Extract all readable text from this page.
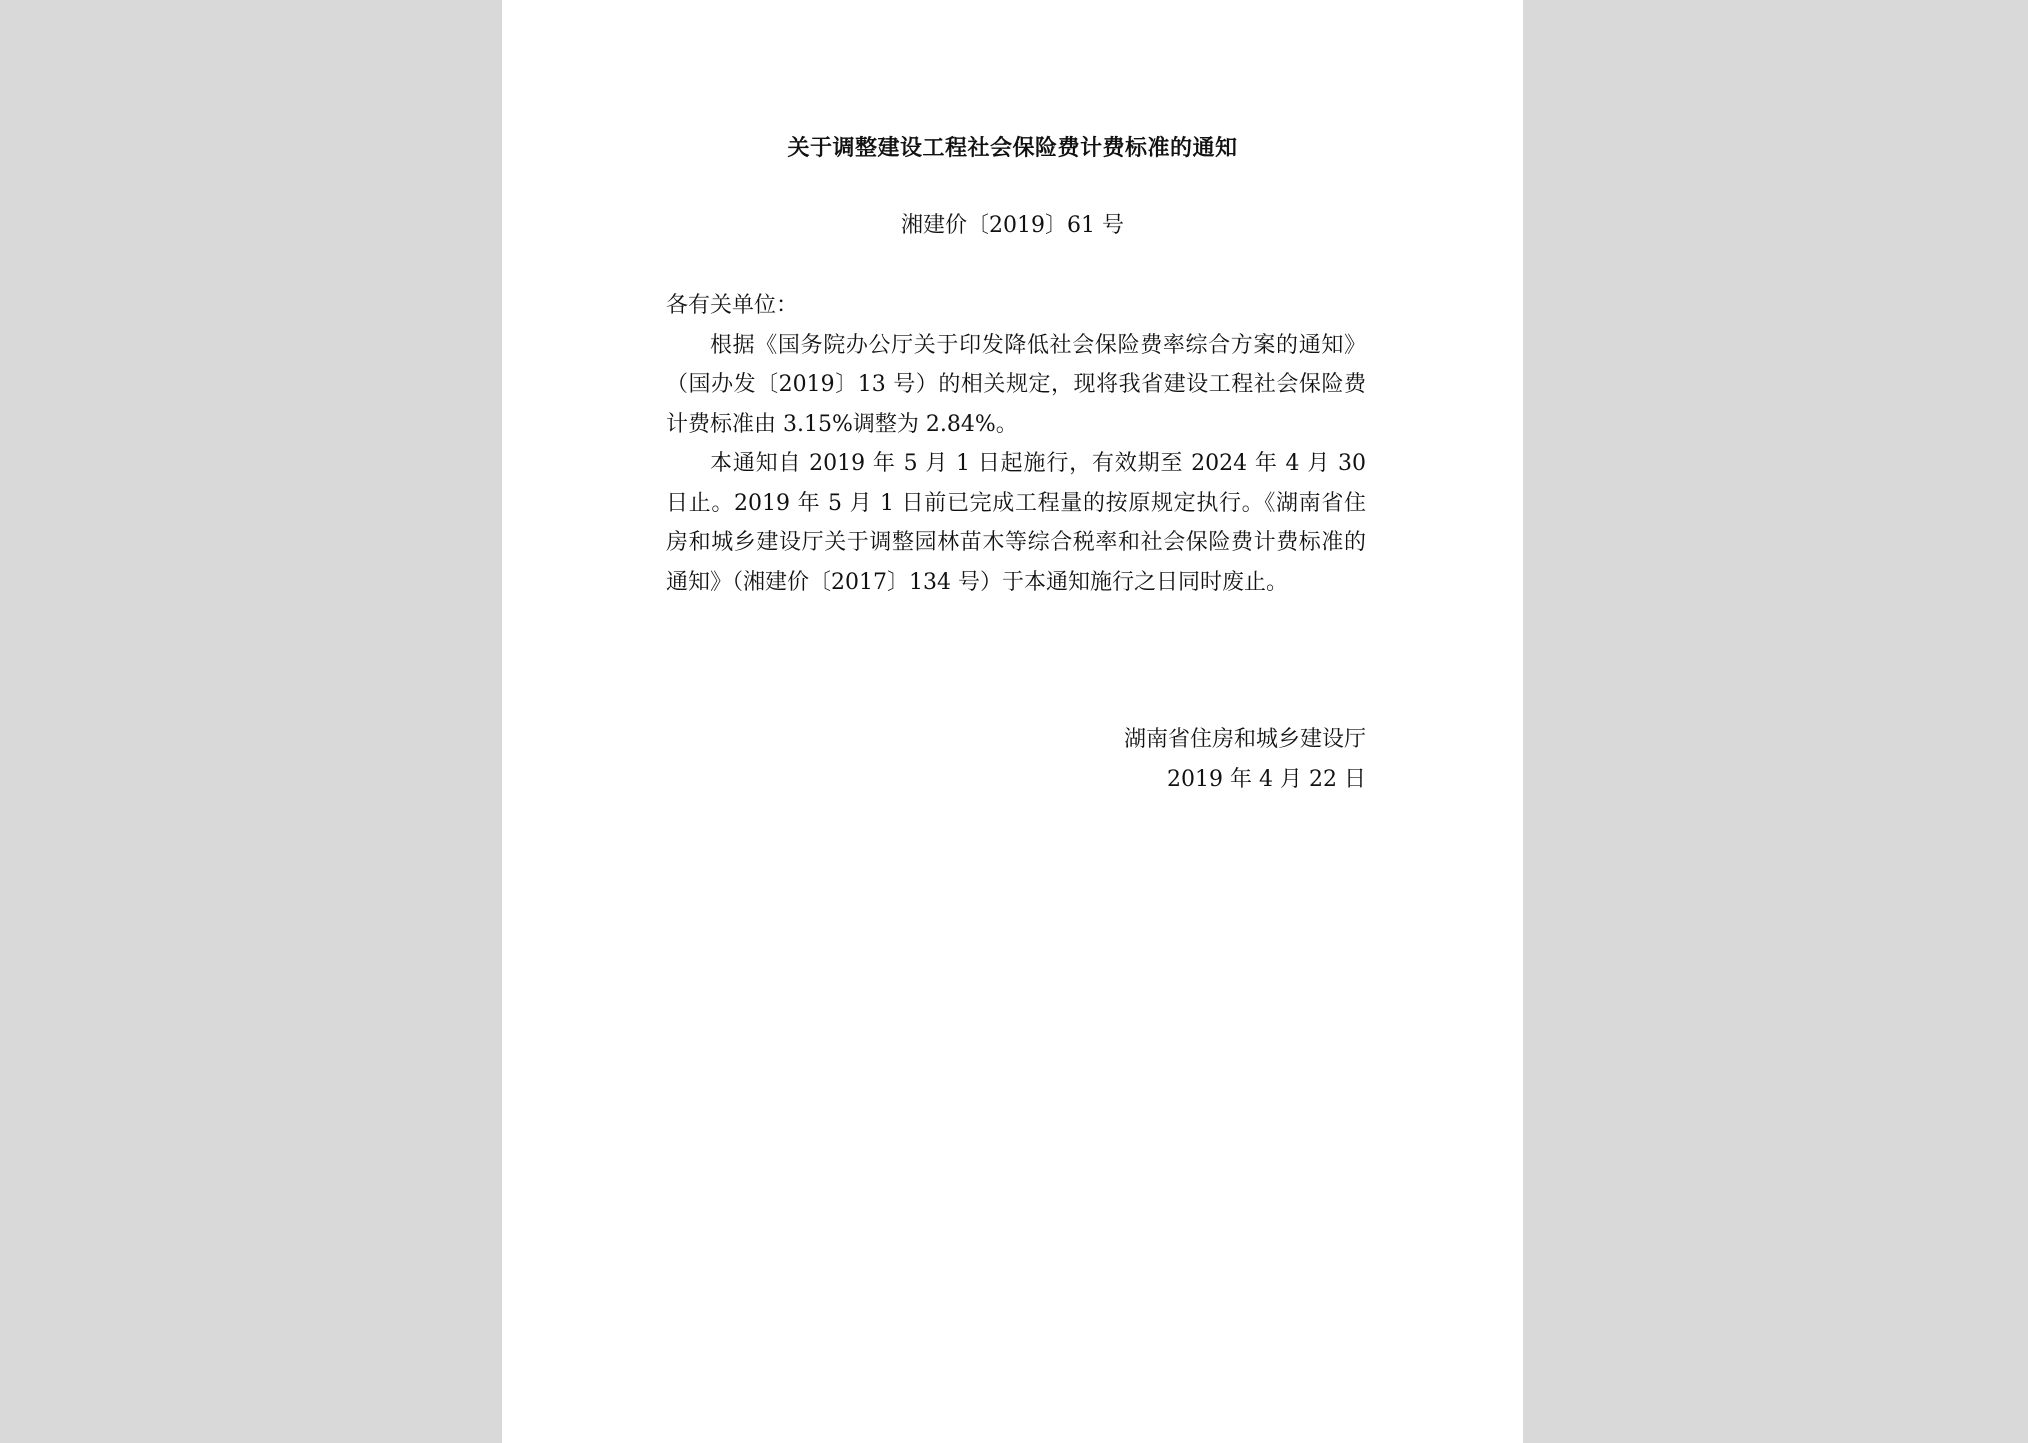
关于调整建设工程社会保险费计费标准的通知
湘建价〔2019〕61 号

各有关单位：

根据《国务院办公厅关于印发降低社会保险费率综合方案的通知》（国办发〔2019〕13 号）的相关规定，现将我省建设工程社会保险费计费标准由 3.15%调整为 2.84%。

本通知自 2019 年 5 月 1 日起施行，有效期至 2024 年 4 月 30 日止。2019 年 5 月 1 日前已完成工程量的按原规定执行。《湖南省住房和城乡建设厅关于调整园林苗木等综合税率和社会保险费计费标准的通知》（湘建价〔2017〕134 号）于本通知施行之日同时废止。

湖南省住房和城乡建设厅
2019 年 4 月 22 日
